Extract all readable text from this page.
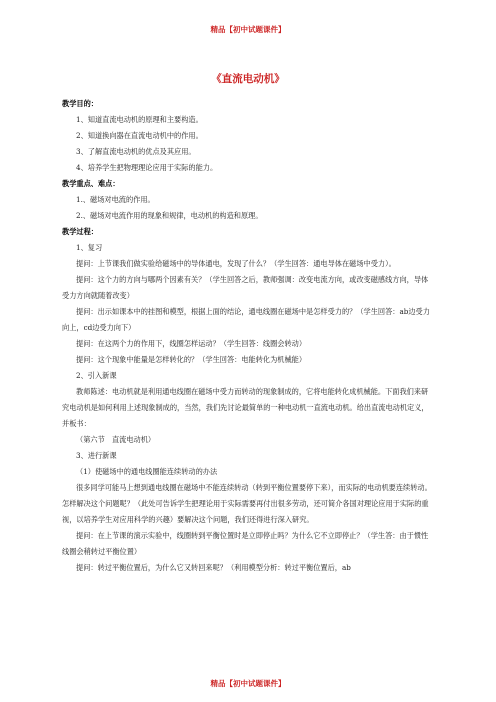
精品【初中试题课件】
《直流电动机》

教学目的：

1、知道直流电动机的原理和主要构造。

2、知道换向器在直流电动机中的作用。

3、了解直流电动机的优点及其应用。

4、培养学生把物理理论应用于实际的能力。

教学重点、难点：

1.、磁场对电流的作用。

2.、磁场对电流作用的现象和规律，电动机的构造和原理。

教学过程：

1、复习

提问：上节课我们做实验给磁场中的导体通电，发现了什么？（学生回答：通电导体在磁场中受力）。

提问：这个力的方向与哪两个因素有关？（学生回答之后，教师强调：改变电流方向，或改变磁感线方向，导体受力方向就随着改变）

提问：出示如课本中的挂图和模型，根据上面的结论，通电线圈在磁场中是怎样受力的？（学生回答：ab边受力向上，cd边受力向下）

提问：在这两个力的作用下，线圈怎样运动？（学生回答：线圈会转动）

提问：这个现象中能量是怎样转化的？（学生回答：电能转化为机械能）

2、引入新课

教师陈述：电动机就是利用通电线圈在磁场中受力而转动的现象制成的，它将电能转化成机械能。下面我们来研究电动机是如何利用上述现象制成的，当然，我们先讨论最简单的一种电动机一直流电动机。给出直流电动机定义，并板书：

（第六节　直流电动机）

3、进行新课

（1）使磁场中的通电线圈能连续转动的办法

很多同学可能马上想到通电线圈在磁场中不能连续转动（转到平衡位置要停下来），而实际的电动机要连续转动。怎样解决这个问题呢？（此处可告诉学生把理论用于实际需要再付出很多劳动，还可简介各国对理论应用于实际的重视，以培养学生对应用科学的兴趣）要解决这个问题，我们还得进行深入研究。

提问：在上节课的演示实验中，线圈转到平衡位置时是立即停止吗？为什么它不立即停止？（学生答：由于惯性线圈会稍转过平衡位置）

提问：转过平衡位置后，为什么它又转回来呢？（利用模型分析：转过平衡位置后，ab

精品【初中试题课件】
